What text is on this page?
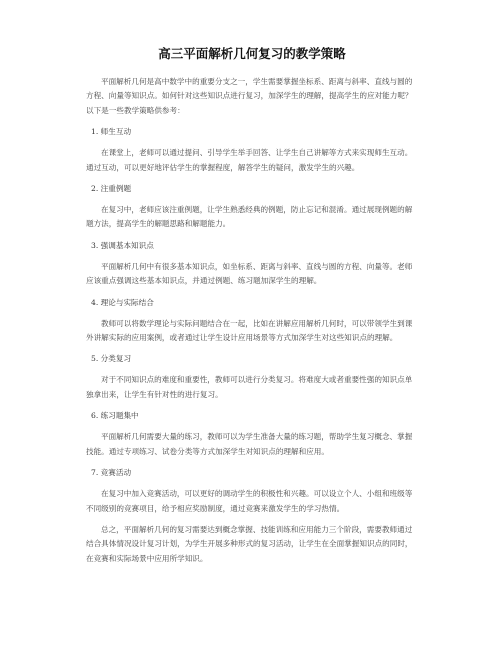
高三平面解析几何复习的教学策略

平面解析几何是高中数学中的重要分支之一，学生需要掌握坐标系、距离与斜率、直线与圆的方程、向量等知识点。如何针对这些知识点进行复习，加深学生的理解，提高学生的应对能力呢？以下是一些教学策略供参考：

1. 师生互动

在课堂上，老师可以通过提问、引导学生举手回答、让学生自己讲解等方式来实现师生互动。通过互动，可以更好地评估学生的掌握程度，解答学生的疑问，激发学生的兴趣。

2. 注重例题

在复习中，老师应该注重例题，让学生熟悉经典的例题，防止忘记和混淆。通过展现例题的解题方法，提高学生的解题思路和解题能力。

3. 强调基本知识点

平面解析几何中有很多基本知识点，如坐标系、距离与斜率、直线与圆的方程、向量等。老师应该重点强调这些基本知识点，并通过例题、练习题加深学生的理解。

4. 理论与实际结合

教师可以将数学理论与实际问题结合在一起，比如在讲解应用解析几何时，可以带领学生到课外讲解实际的应用案例，或者通过让学生设计应用场景等方式加深学生对这些知识点的理解。

5. 分类复习

对于不同知识点的难度和重要性，教师可以进行分类复习。将难度大或者重要性强的知识点单独拿出来，让学生有针对性的进行复习。

6. 练习题集中

平面解析几何需要大量的练习，教师可以为学生准备大量的练习题，帮助学生复习概念、掌握技能。通过专项练习、试卷分类等方式加深学生对知识点的理解和应用。

7. 竞赛活动

在复习中加入竞赛活动，可以更好的调动学生的积极性和兴趣。可以设立个人、小组和班级等不同级别的竞赛项目，给予相应奖励制度，通过竞赛来激发学生的学习热情。

总之，平面解析几何的复习需要达到概念掌握、技能训练和应用能力三个阶段，需要教师通过结合具体情况设计复习计划，为学生开展多种形式的复习活动，让学生在全面掌握知识点的同时，在竞赛和实际场景中应用所学知识。
